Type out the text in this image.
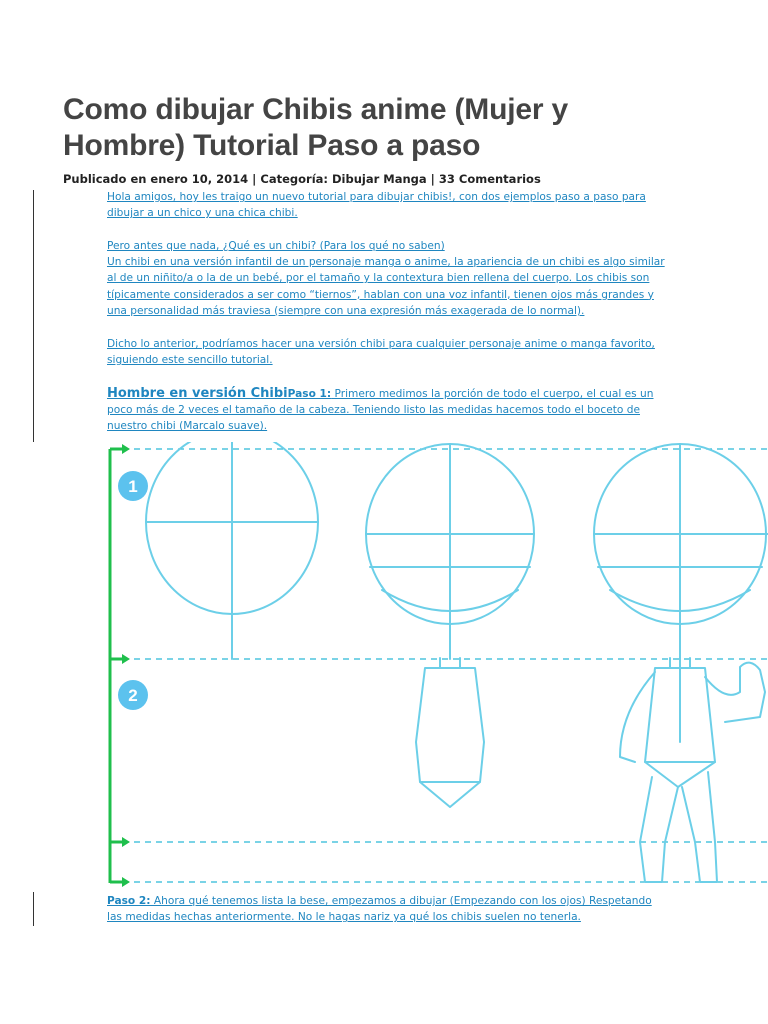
Como dibujar Chibis anime (Mujer y Hombre) Tutorial Paso a paso
Publicado en enero 10, 2014 | Categoría: Dibujar Manga | 33 Comentarios

Hola amigos, hoy les traigo un nuevo tutorial para dibujar chibis!, con dos ejemplos paso a paso para dibujar a un chico y una chica chibi.

Pero antes que nada, ¿Qué es un chibi? (Para los qué no saben)
Un chibi en una versión infantil de un personaje manga o anime, la apariencia de un chibi es algo similar al de un niñito/a o la de un bebé, por el tamaño y la contextura bien rellena del cuerpo. Los chibis son típicamente considerados a ser como “tiernos”, hablan con una voz infantil, tienen ojos más grandes y una personalidad más traviesa (siempre con una expresión más exagerada de lo normal).

Dicho lo anterior, podríamos hacer una versión chibi para cualquier personaje anime o manga favorito, siguiendo este sencillo tutorial.

Hombre en versión ChibiPaso 1: Primero medimos la porción de todo el cuerpo, el cual es un poco más de 2 veces el tamaño de la cabeza. Teniendo listo las medidas hacemos todo el boceto de nuestro chibi (Marcalo suave).

1
2

Paso 2: Ahora qué tenemos lista la bese, empezamos a dibujar (Empezando con los ojos) Respetando las medidas hechas anteriormente. No le hagas nariz ya qué los chibis suelen no tenerla.
